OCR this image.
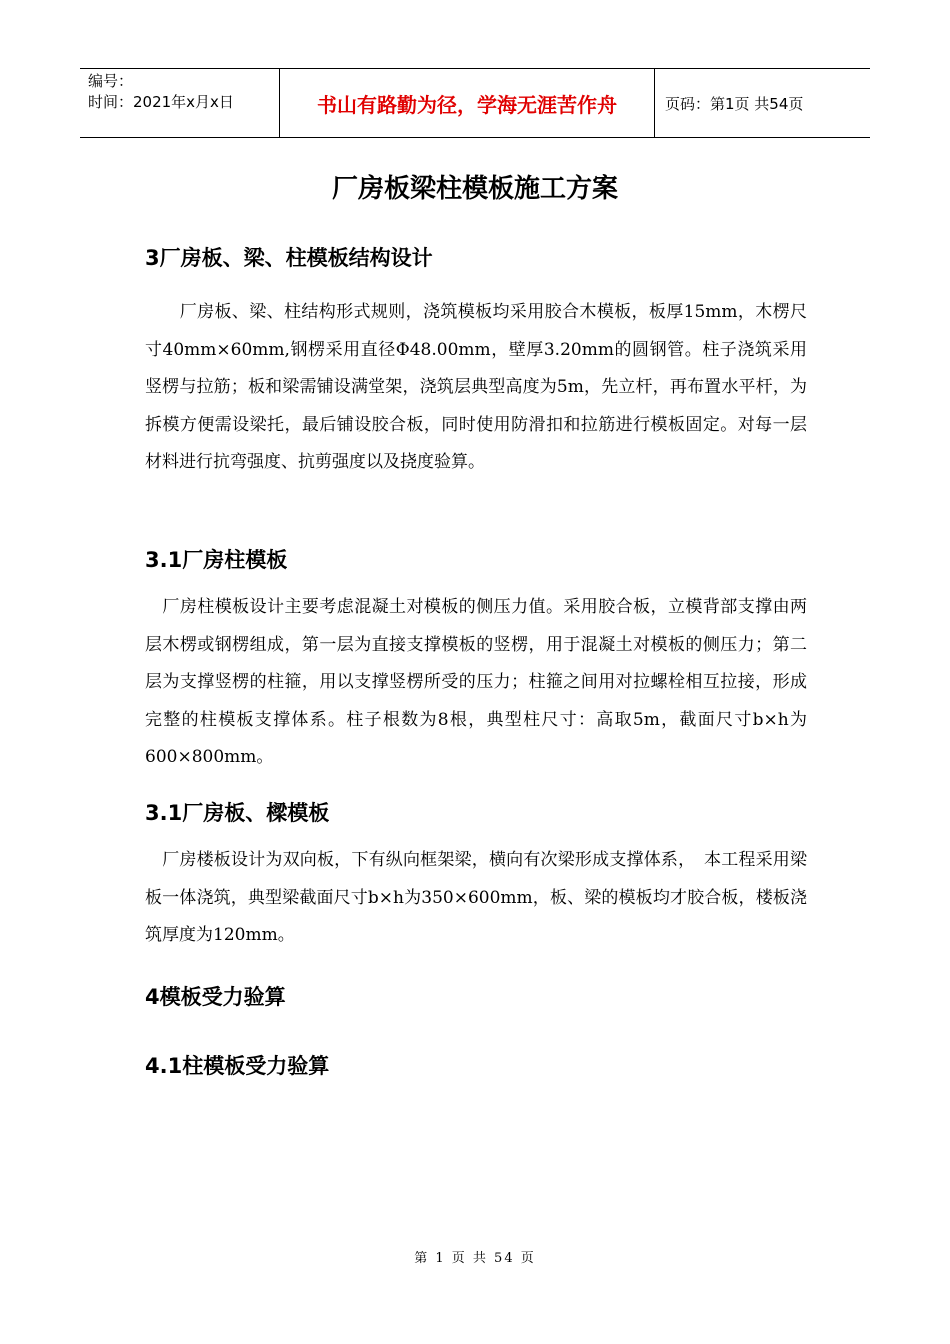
编号：
时间：2021年x月x日	书山有路勤为径，学海无涯苦作舟	页码：第1页 共54页
厂房板梁柱模板施工方案
3厂房板、梁、柱模板结构设计
　　厂房板、梁、柱结构形式规则，浇筑模板均采用胶合木模板，板厚15mm，木楞尺寸40mm×60mm,钢楞采用直径Φ48.00mm，壁厚3.20mm的圆钢管。柱子浇筑采用竖楞与拉筋；板和梁需铺设满堂架，浇筑层典型高度为5m，先立杆，再布置水平杆，为拆模方便需设梁托，最后铺设胶合板，同时使用防滑扣和拉筋进行模板固定。对每一层材料进行抗弯强度、抗剪强度以及挠度验算。
3.1厂房柱模板
　厂房柱模板设计主要考虑混凝土对模板的侧压力值。采用胶合板，立模背部支撑由两层木楞或钢楞组成，第一层为直接支撑模板的竖楞，用于混凝土对模板的侧压力；第二层为支撑竖楞的柱箍，用以支撑竖楞所受的压力；柱箍之间用对拉螺栓相互拉接，形成完整的柱模板支撑体系。柱子根数为8根，典型柱尺寸：高取5m，截面尺寸b×h为600×800mm。
3.1厂房板、樑模板
　厂房楼板设计为双向板，下有纵向框架梁，横向有次梁形成支撑体系，　本工程采用梁板一体浇筑，典型梁截面尺寸b×h为350×600mm，板、梁的模板均才胶合板，楼板浇筑厚度为120mm。
4模板受力验算
4.1柱模板受力验算
第 1 页 共 54 页
